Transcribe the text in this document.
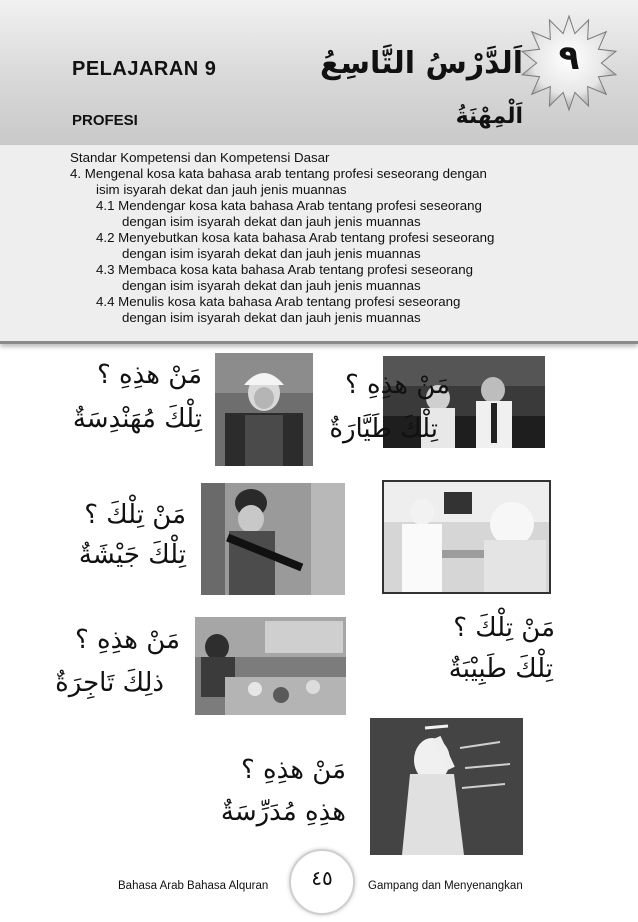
PELAJARAN 9
PROFESI
اَلدَّرْسُ التَّاسِعُ
اَلْمِهْنَةُ
٩

Standar Kompetensi dan Kompetensi Dasar

4. Mengenal kosa kata bahasa arab tentang profesi seseorang dengan

isim isyarah dekat dan jauh jenis muannas

4.1 Mendengar kosa kata bahasa Arab tentang profesi seseorang

dengan isim isyarah dekat dan jauh jenis muannas

4.2 Menyebutkan kosa kata bahasa Arab tentang profesi seseorang

dengan isim isyarah dekat dan jauh jenis muannas

4.3 Membaca kosa kata bahasa Arab tentang profesi seseorang

dengan isim isyarah dekat dan jauh jenis muannas

4.4 Menulis kosa kata bahasa Arab tentang profesi seseorang

dengan isim isyarah dekat dan jauh jenis muannas

مَنْ هذِهِ ؟
تِلْكَ مُهَنْدِسَةٌ
مَنْ هذِهِ ؟
تِلْكَ طَيَّارَةٌ
مَنْ تِلْكَ ؟
تِلْكَ جَيْشَةٌ
مَنْ هذِهِ ؟
ذلِكَ تَاجِرَةٌ
مَنْ تِلْكَ ؟
تِلْكَ طَبِيْبَةٌ
مَنْ هذِهِ ؟
هذِهِ مُدَرِّسَةٌ
Bahasa Arab Bahasa Alquran	٤٥	Gampang dan Menyenangkan
